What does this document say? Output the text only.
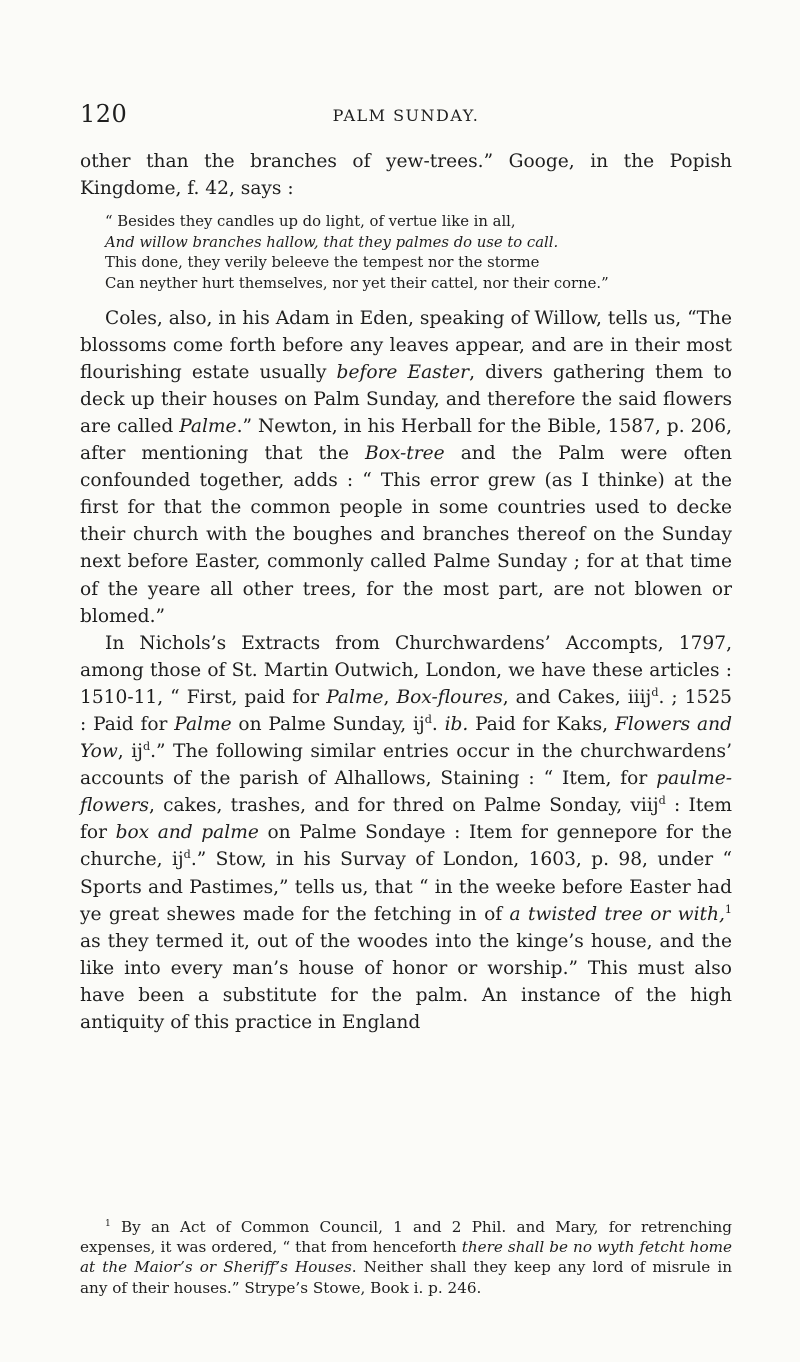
120	PALM SUNDAY.

other than the branches of yew-trees.” Googe, in the Popish Kingdome, f. 42, says :

“ Besides they candles up do light, of vertue like in all,
And willow branches hallow, that they palmes do use to call.
This done, they verily beleeve the tempest nor the storme
Can neyther hurt themselves, nor yet their cattel, nor their corne.”

Coles, also, in his Adam in Eden, speaking of Willow, tells us, “The blossoms come forth before any leaves appear, and are in their most flourishing estate usually before Easter, divers gathering them to deck up their houses on Palm Sunday, and therefore the said flowers are called Palme.” Newton, in his Herball for the Bible, 1587, p. 206, after mentioning that the Box-tree and the Palm were often confounded together, adds : “ This error grew (as I thinke) at the first for that the common people in some countries used to decke their church with the boughes and branches thereof on the Sunday next before Easter, commonly called Palme Sunday ; for at that time of the yeare all other trees, for the most part, are not blowen or blomed.”

In Nichols’s Extracts from Churchwardens’ Accompts, 1797, among those of St. Martin Outwich, London, we have these articles : 1510-11, “ First, paid for Palme, Box-floures, and Cakes, iiij$^d$. ; 1525 : Paid for Palme on Palme Sunday, $ij^d$. ib. Paid for Kaks, Flowers and Yow, $ij^d$.” The following similar entries occur in the churchwardens’ accounts of the parish of Alhallows, Staining : “ Item, for paulme-flowers, cakes, trashes, and for thred on Palme Sonday, viij$^d$ : Item for box and palme on Palme Sondaye : Item for gennepore for the churche, $ij^d$.” Stow, in his Survay of London, 1603, p. 98, under “ Sports and Pastimes,” tells us, that “ in the weeke before Easter had ye great shewes made for the fetching in of a twisted tree or with,$^1$ as they termed it, out of the woodes into the kinge’s house, and the like into every man’s house of honor or worship.” This must also have been a substitute for the palm. An instance of the high antiquity of this practice in England

$^1$ By an Act of Common Council, 1 and 2 Phil. and Mary, for retrenching expenses, it was ordered, “ that from henceforth there shall be no wyth fetcht home at the Maior’s or Sheriff’s Houses. Neither shall they keep any lord of misrule in any of their houses.” Strype’s Stowe, Book i. p. 246.
